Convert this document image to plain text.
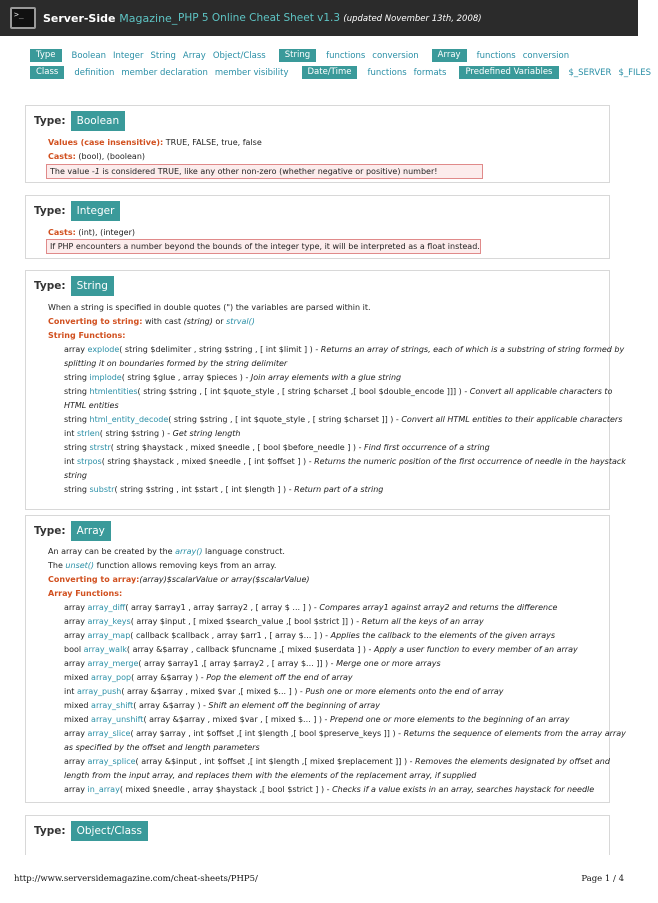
>_	Server-Side Magazine_ PHP 5 Online Cheat Sheet v1.3 (updated November 13th, 2008)
Type	Boolean Integer String Array Object/Class	String	functions conversion	Array	functions conversion
Class	definition member declaration member visibility	Date/Time	functions formats	Predefined Variables	$_SERVER $_FILES
Type:	Boolean
Values (case insensitive): TRUE, FALSE, true, false
Casts: (bool), (boolean)
The value -1 is considered TRUE, like any other non-zero (whether negative or positive) number!
Type:	Integer
Casts: (int), (integer)
If PHP encounters a number beyond the bounds of the integer type, it will be interpreted as a float instead.
Type:	String
When a string is specified in double quotes (") the variables are parsed within it.
Converting to string: with cast (string) or strval()
String Functions:
array explode( string $delimiter , string $string , [ int $limit ] ) - Returns an array of strings, each of which is a substring of string formed by
splitting it on boundaries formed by the string delimiter
string implode( string $glue , array $pieces ) - Join array elements with a glue string
string htmlentities( string $string , [ int $quote_style , [ string $charset ,[ bool $double_encode ]]] ) - Convert all applicable characters to
HTML entities
string html_entity_decode( string $string , [ int $quote_style , [ string $charset ]] ) - Convert all HTML entities to their applicable characters
int strlen( string $string ) - Get string length
string strstr( string $haystack , mixed $needle , [ bool $before_needle ] ) - Find first occurrence of a string
int strpos( string $haystack , mixed $needle , [ int $offset ] ) - Returns the numeric position of the first occurrence of needle in the haystack
string
string substr( string $string , int $start , [ int $length ] ) - Return part of a string
Type:	Array
An array can be created by the array() language construct.
The unset() function allows removing keys from an array.
Converting to array:(array)$scalarValue or array($scalarValue)
Array Functions:
array array_diff( array $array1 , array $array2 , [ array $ ... ] ) - Compares array1 against array2 and returns the difference
array array_keys( array $input , [ mixed $search_value ,[ bool $strict ]] ) - Return all the keys of an array
array array_map( callback $callback , array $arr1 , [ array $... ] ) - Applies the callback to the elements of the given arrays
bool array_walk( array &$array , callback $funcname ,[ mixed $userdata ] ) - Apply a user function to every member of an array
array array_merge( array $array1 ,[ array $array2 , [ array $... ]] ) - Merge one or more arrays
mixed array_pop( array &$array ) - Pop the element off the end of array
int array_push( array &$array , mixed $var ,[ mixed $... ] ) - Push one or more elements onto the end of array
mixed array_shift( array &$array ) - Shift an element off the beginning of array
mixed array_unshift( array &$array , mixed $var , [ mixed $... ] ) - Prepend one or more elements to the beginning of an array
array array_slice( array $array , int $offset ,[ int $length ,[ bool $preserve_keys ]] ) - Returns the sequence of elements from the array array
as specified by the offset and length parameters
array array_splice( array &$input , int $offset ,[ int $length ,[ mixed $replacement ]] ) - Removes the elements designated by offset and
length from the input array, and replaces them with the elements of the replacement array, if supplied
array in_array( mixed $needle , array $haystack ,[ bool $strict ] ) - Checks if a value exists in an array, searches haystack for needle
Type:	Object/Class
http://www.serversidemagazine.com/cheat-sheets/PHP5/	Page 1 / 4
